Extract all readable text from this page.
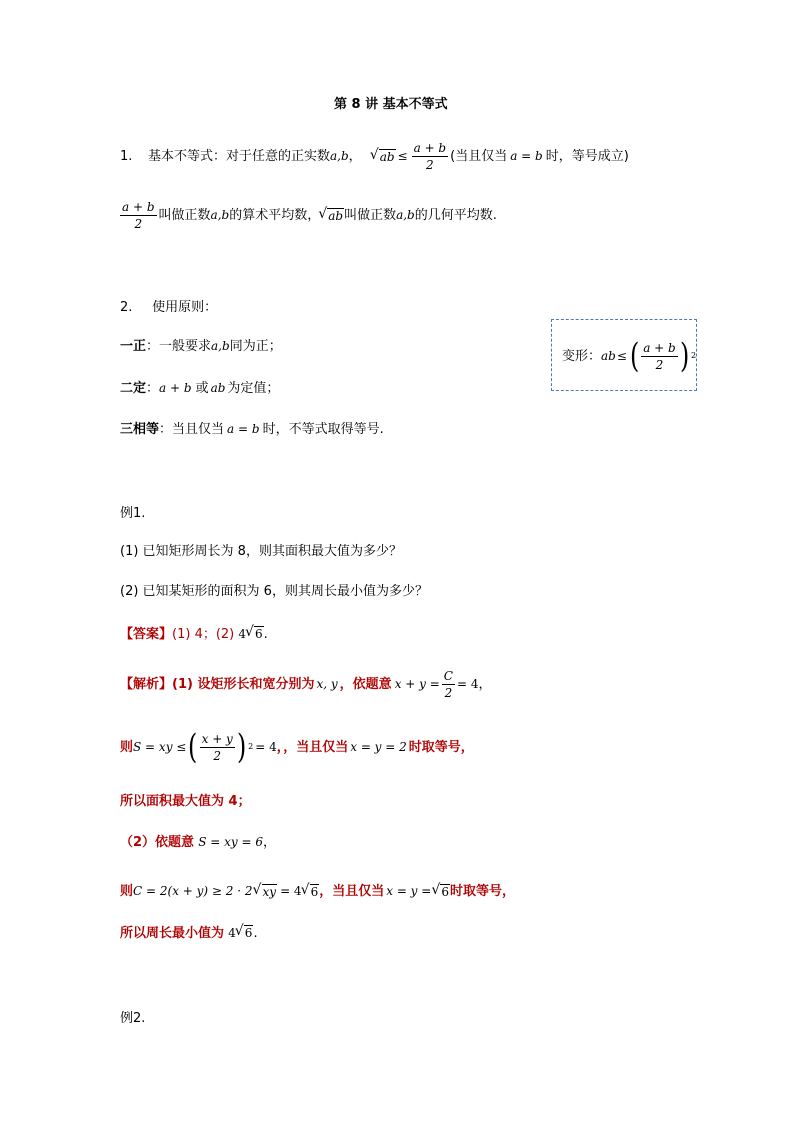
第 8 讲 基本不等式
1.	基本不等式：对于任意的正实数 a,b ， √ ab ≤ $\frac{a + b}{2}$ (当且仅当 a = b 时，等号成立)
$\frac{a + b}{2}$ 叫做正数 a,b 的算术平均数， √ ab 叫做正数 a,b 的几何平均数.
2. 使用原则：
一正：一般要求a,b同为正；
二定：a + b 或 ab 为定值；
三相等：当且仅当 a = b 时，不等式取得等号.
变形： ab ≤ ( $\frac{a + b}{2}$ ) 2
例1.
(1) 已知矩形周长为 8，则其面积最大值为多少？
(2) 已知某矩形的面积为 6，则其周长最小值为多少？
【答案】(1) 4；(2) 4 √ 6.
【解析】 (1) 设矩形长和宽分别为 x, y ，依题意 $x + y = \frac{C}{2} = 4$ ，
则 S = xy ≤ ( $\frac{x + y}{2}$ ) 2 = 4 ，，当且仅当 x = y = 2 时取等号，
所以面积最大值为 4；
（2）依题意 S = xy = 6，
则 C = 2(x + y) ≥ 2 · 2 √ xy = 4 √ 6 ，当且仅当 x = y = √ 6 时取等号，
所以周长最小值为 4 √ 6.
例2.
